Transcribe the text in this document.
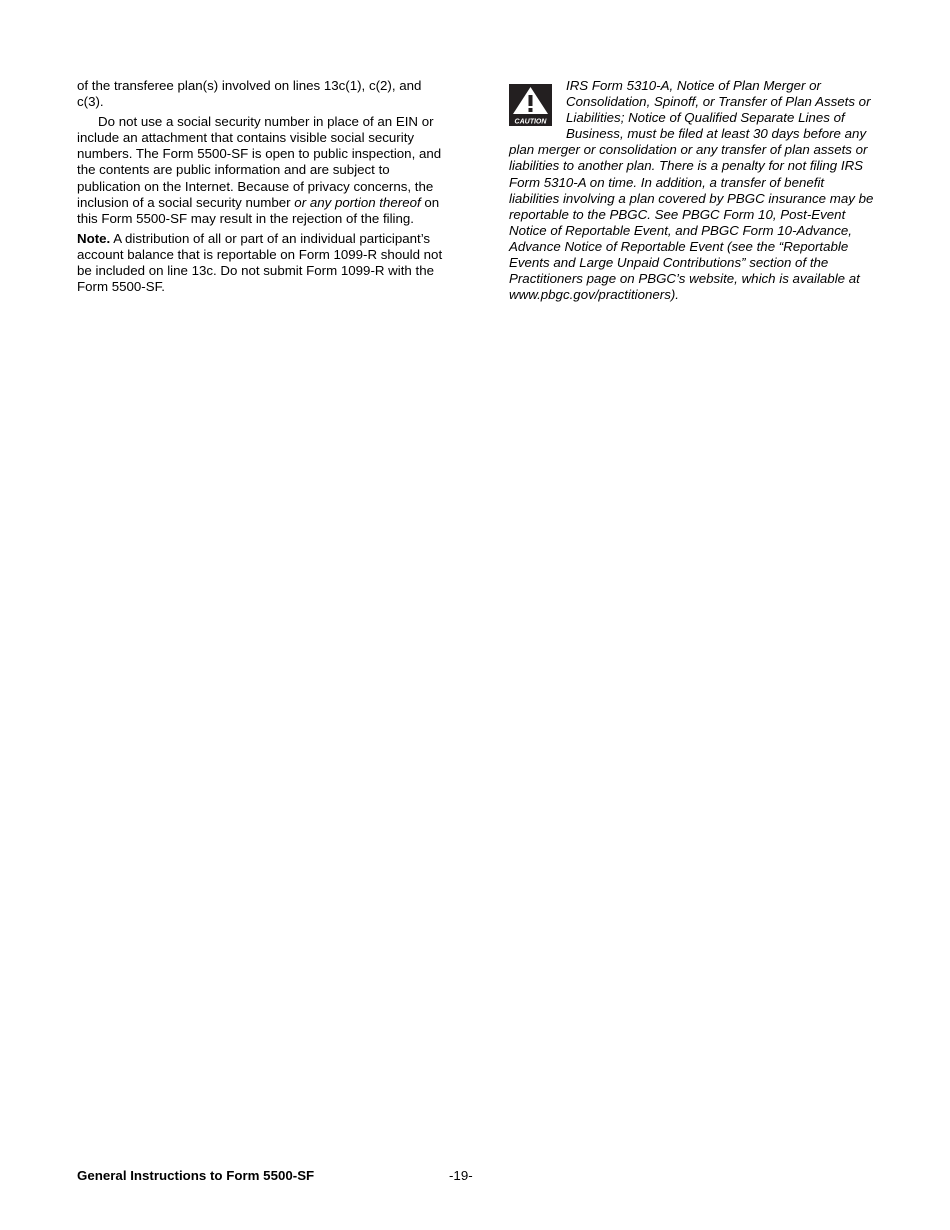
of the transferee plan(s) involved on lines 13c(1), c(2), and c(3).

Do not use a social security number in place of an EIN or include an attachment that contains visible social security numbers. The Form 5500-SF is open to public inspection, and the contents are public information and are subject to publication on the Internet. Because of privacy concerns, the inclusion of a social security number or any portion thereof on this Form 5500-SF may result in the rejection of the filing.

Note. A distribution of all or part of an individual participant’s account balance that is reportable on Form 1099-R should not be included on line 13c. Do not submit Form 1099-R with the Form 5500-SF.

CAUTION

IRS Form 5310-A, Notice of Plan Merger or Consolidation, Spinoff, or Transfer of Plan Assets or Liabilities; Notice of Qualified Separate Lines of Business, must be filed at least 30 days before any plan merger or consolidation or any transfer of plan assets or liabilities to another plan. There is a penalty for not filing IRS Form 5310-A on time. In addition, a transfer of benefit liabilities involving a plan covered by PBGC insurance may be reportable to the PBGC. See PBGC Form 10, Post-Event Notice of Reportable Event, and PBGC Form 10-Advance, Advance Notice of Reportable Event (see the “Reportable Events and Large Unpaid Contributions” section of the Practitioners page on PBGC’s website, which is available at www.pbgc.gov/practitioners).

General Instructions to Form 5500-SF	-19-
